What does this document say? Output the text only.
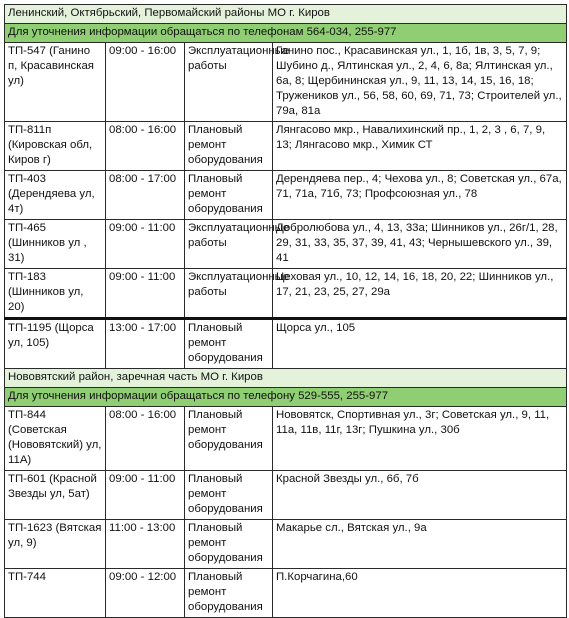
Ленинский, Октябрьский, Первомайский районы МО г. Киров			
Для уточнения информации обращаться по телефонам 564-034, 255-977			
ТП-547 (Ганино п, Красавинская ул)	09:00 - 16:00	Эксплуатационные работы	Ганино пос., Красавинская ул., 1, 1б, 1в, 3, 5, 7, 9; Шубино д., Ялтинская ул., 2, 4, 6, 8а; Ялтинская ул., 6а, 8; Щербининская ул., 9, 11, 13, 14, 15, 16, 18; Тружеников ул., 56, 58, 60, 69, 71, 73; Строителей ул., 79а, 81а
ТП-811п (Кировская обл, Киров г)	08:00 - 16:00	Плановый ремонт оборудования	Лянгасово мкр., Навалихинский пр., 1, 2, 3 , 6, 7, 9, 13; Лянгасово мкр., Химик СТ
ТП-403 (Дерендяева ул, 4т)	08:00 - 17:00	Плановый ремонт оборудования	Дерендяева пер., 4; Чехова ул., 8; Советская ул., 67а, 71, 71а, 71б, 73; Профсоюзная ул., 78
ТП-465 (Шинников ул , 31)	09:00 - 11:00	Эксплуатационные работы	Добролюбова ул., 4, 13, 33а; Шинников ул., 26г/1, 28, 29, 31, 33, 35, 37, 39, 41, 43; Чернышевского ул., 39, 41
ТП-183 (Шинников ул, 20)	09:00 - 11:00	Эксплуатационные работы	Цеховая ул., 10, 12, 14, 16, 18, 20, 22; Шинников ул., 17, 21, 23, 25, 27, 29а
ТП-1195 (Щорса ул, 105)	13:00 - 17:00	Плановый ремонт оборудования	Щорса ул., 105
Нововятский район, заречная часть МО г. Киров			
Для уточнения информации обращаться по телефону 529-555, 255-977			
ТП-844 (Советская (Нововятский) ул, 11А)	08:00 - 16:00	Плановый ремонт оборудования	Нововятск, Спортивная ул., 3г; Советская ул., 9, 11, 11а, 11в, 11г, 13г; Пушкина ул., 30б
ТП-601 (Красной Звезды ул, 5ат)	09:00 - 11:00	Плановый ремонт оборудования	Красной Звезды ул., 6б, 7б
ТП-1623 (Вятская ул, 9)	11:00 - 13:00	Плановый ремонт оборудования	Макарье сл., Вятская ул., 9а
ТП-744	09:00 - 12:00	Плановый ремонт оборудования	П.Корчагина,60
